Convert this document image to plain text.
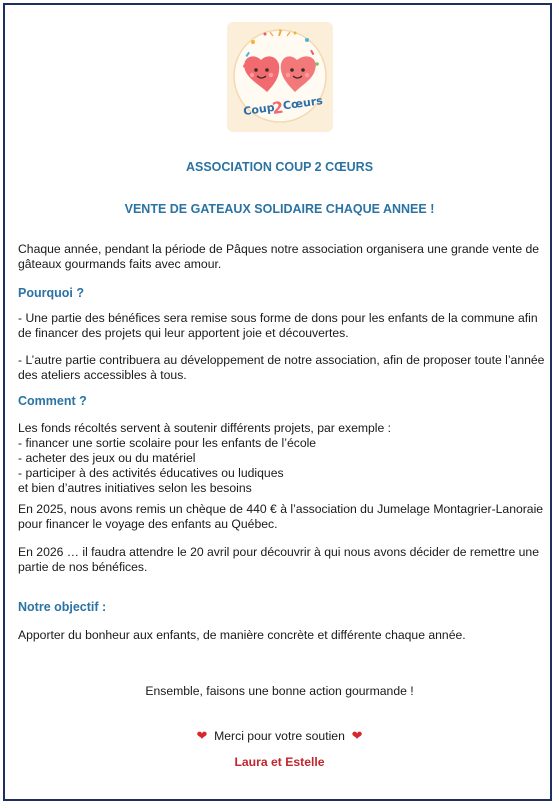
Coup
2
Cœurs
ASSOCIATION COUP 2 CŒURS
VENTE DE GATEAUX SOLIDAIRE CHAQUE ANNEE !

Chaque année, pendant la période de Pâques notre association organisera une grande vente de gâteaux gourmands faits avec amour.

Pourquoi ?

- Une partie des bénéfices sera remise sous forme de dons pour les enfants de la commune afin de financer des projets qui leur apportent joie et découvertes.

- L’autre partie contribuera au développement de notre association, afin de proposer toute l’année des ateliers accessibles à tous.

Comment ?
Les fonds récoltés servent à soutenir différents projets, par exemple :
- financer une sortie scolaire pour les enfants de l’école
- acheter des jeux ou du matériel
- participer à des activités éducatives ou ludiques
et bien d’autres initiatives selon les besoins

En 2025, nous avons remis un chèque de 440 € à l’association du Jumelage Montagrier-Lanoraie pour financer le voyage des enfants au Québec.

En 2026 … il faudra attendre le 20 avril pour découvrir à qui nous avons décider de remettre une partie de nos bénéfices.

Notre objectif :

Apporter du bonheur aux enfants, de manière concrète et différente chaque année.

Ensemble, faisons une bonne action gourmande !
❤ Merci pour votre soutien ❤
Laura et Estelle
